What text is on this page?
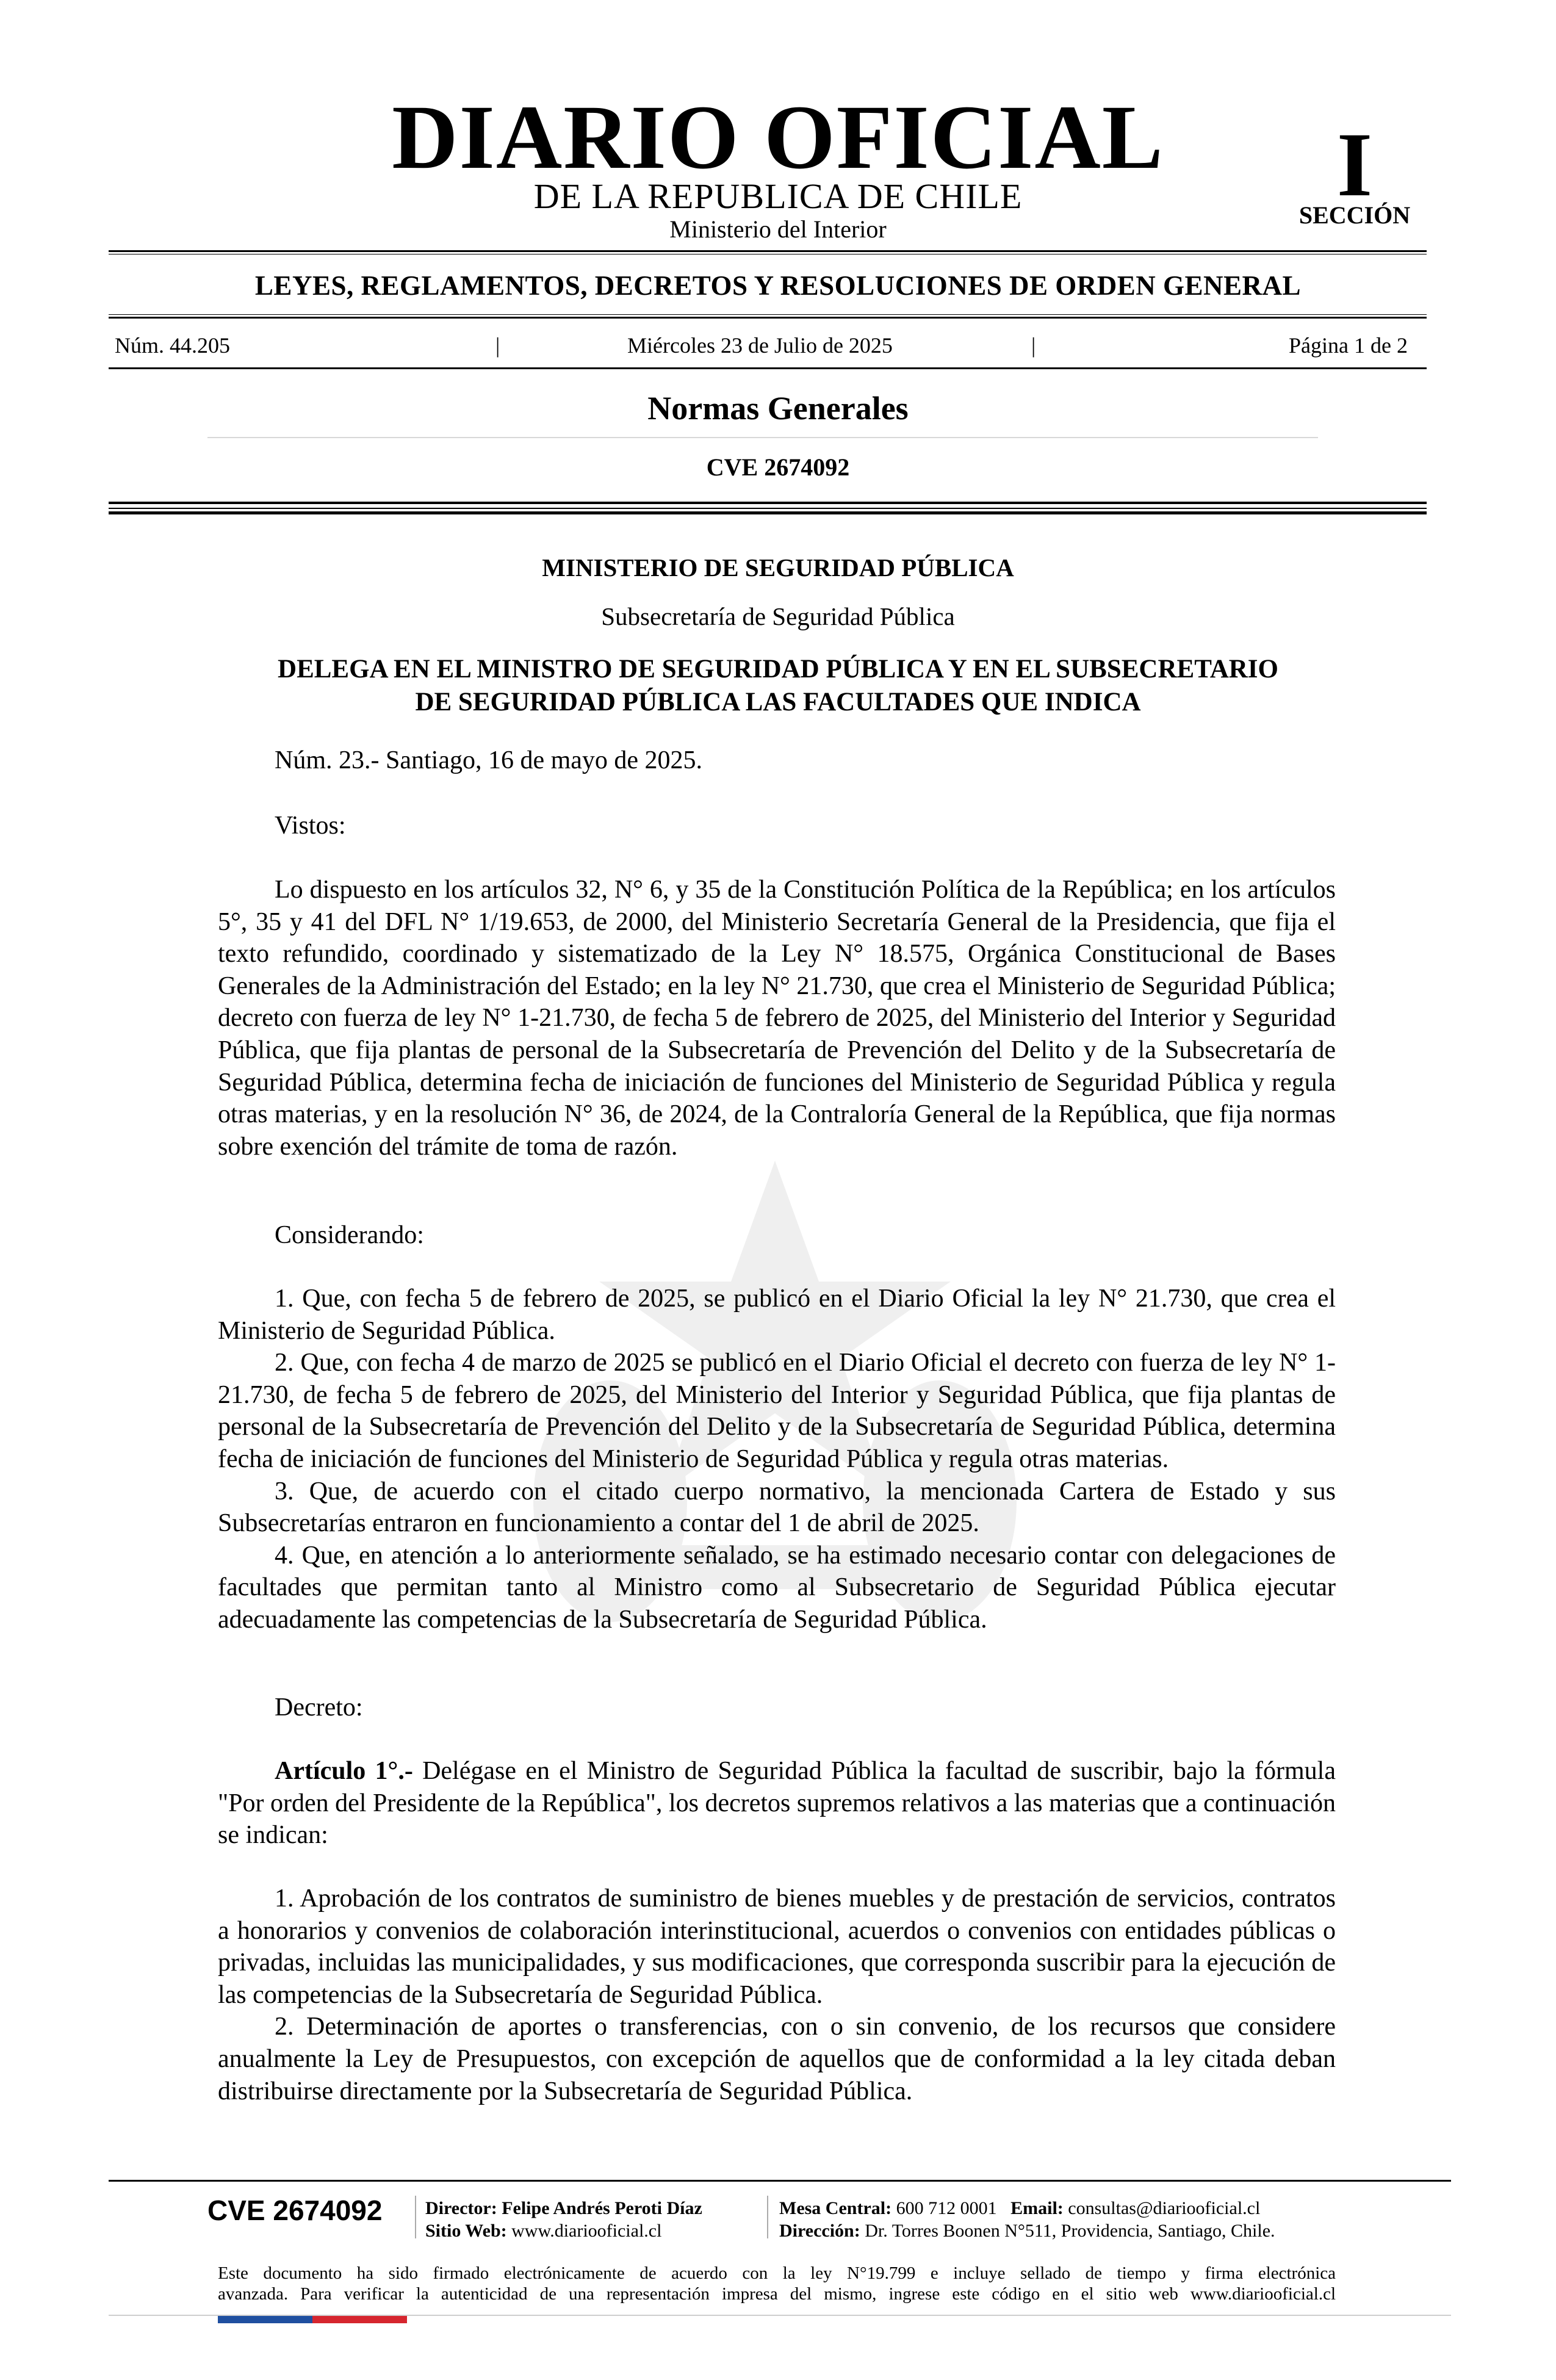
DIARIO OFICIAL
DE LA REPUBLICA DE CHILE
Ministerio del Interior
I
SECCIÓN
LEYES, REGLAMENTOS, DECRETOS Y RESOLUCIONES DE ORDEN GENERAL
Núm. 44.205	|	Miércoles 23 de Julio de 2025	|	Página 1 de 2
Normas Generales
CVE 2674092
MINISTERIO DE SEGURIDAD PÚBLICA
Subsecretaría de Seguridad Pública
DELEGA EN EL MINISTRO DE SEGURIDAD PÚBLICA Y EN EL SUBSECRETARIO
DE SEGURIDAD PÚBLICA LAS FACULTADES QUE INDICA

Núm. 23.- Santiago, 16 de mayo de 2025.

Vistos:

Lo dispuesto en los artículos 32, N° 6, y 35 de la Constitución Política de la República; en los artículos 5°, 35 y 41 del DFL N° 1/19.653, de 2000, del Ministerio Secretaría General de la Presidencia, que fija el texto refundido, coordinado y sistematizado de la Ley N° 18.575, Orgánica Constitucional de Bases Generales de la Administración del Estado; en la ley N° 21.730, que crea el Ministerio de Seguridad Pública; decreto con fuerza de ley N° 1-21.730, de fecha 5 de febrero de 2025, del Ministerio del Interior y Seguridad Pública, que fija plantas de personal de la Subsecretaría de Prevención del Delito y de la Subsecretaría de Seguridad Pública, determina fecha de iniciación de funciones del Ministerio de Seguridad Pública y regula otras materias, y en la resolución N° 36, de 2024, de la Contraloría General de la República, que fija normas sobre exención del trámite de toma de razón.

Considerando:

1. Que, con fecha 5 de febrero de 2025, se publicó en el Diario Oficial la ley N° 21.730, que crea el Ministerio de Seguridad Pública.

2. Que, con fecha 4 de marzo de 2025 se publicó en el Diario Oficial el decreto con fuerza de ley N° 1-21.730, de fecha 5 de febrero de 2025, del Ministerio del Interior y Seguridad Pública, que fija plantas de personal de la Subsecretaría de Prevención del Delito y de la Subsecretaría de Seguridad Pública, determina fecha de iniciación de funciones del Ministerio de Seguridad Pública y regula otras materias.

3. Que, de acuerdo con el citado cuerpo normativo, la mencionada Cartera de Estado y sus Subsecretarías entraron en funcionamiento a contar del 1 de abril de 2025.

4. Que, en atención a lo anteriormente señalado, se ha estimado necesario contar con delegaciones de facultades que permitan tanto al Ministro como al Subsecretario de Seguridad Pública ejecutar adecuadamente las competencias de la Subsecretaría de Seguridad Pública.

Decreto:

Artículo 1°.- Delégase en el Ministro de Seguridad Pública la facultad de suscribir, bajo la fórmula "Por orden del Presidente de la República", los decretos supremos relativos a las materias que a continuación se indican:

1. Aprobación de los contratos de suministro de bienes muebles y de prestación de servicios, contratos a honorarios y convenios de colaboración interinstitucional, acuerdos o convenios con entidades públicas o privadas, incluidas las municipalidades, y sus modificaciones, que corresponda suscribir para la ejecución de las competencias de la Subsecretaría de Seguridad Pública.

2. Determinación de aportes o transferencias, con o sin convenio, de los recursos que considere anualmente la Ley de Presupuestos, con excepción de aquellos que de conformidad a la ley citada deban distribuirse directamente por la Subsecretaría de Seguridad Pública.

CVE 2674092 Director: Felipe Andrés Peroti Díaz
Sitio Web: www.diariooficial.cl
Mesa Central: 600 712 0001 Email: consultas@diariooficial.cl
Dirección: Dr. Torres Boonen N°511, Providencia, Santiago, Chile.
Este documento ha sido firmado electrónicamente de acuerdo con la ley N°19.799 e incluye sellado de tiempo y firma electrónica
avanzada. Para verificar la autenticidad de una representación impresa del mismo, ingrese este código en el sitio web www.diariooficial.cl
